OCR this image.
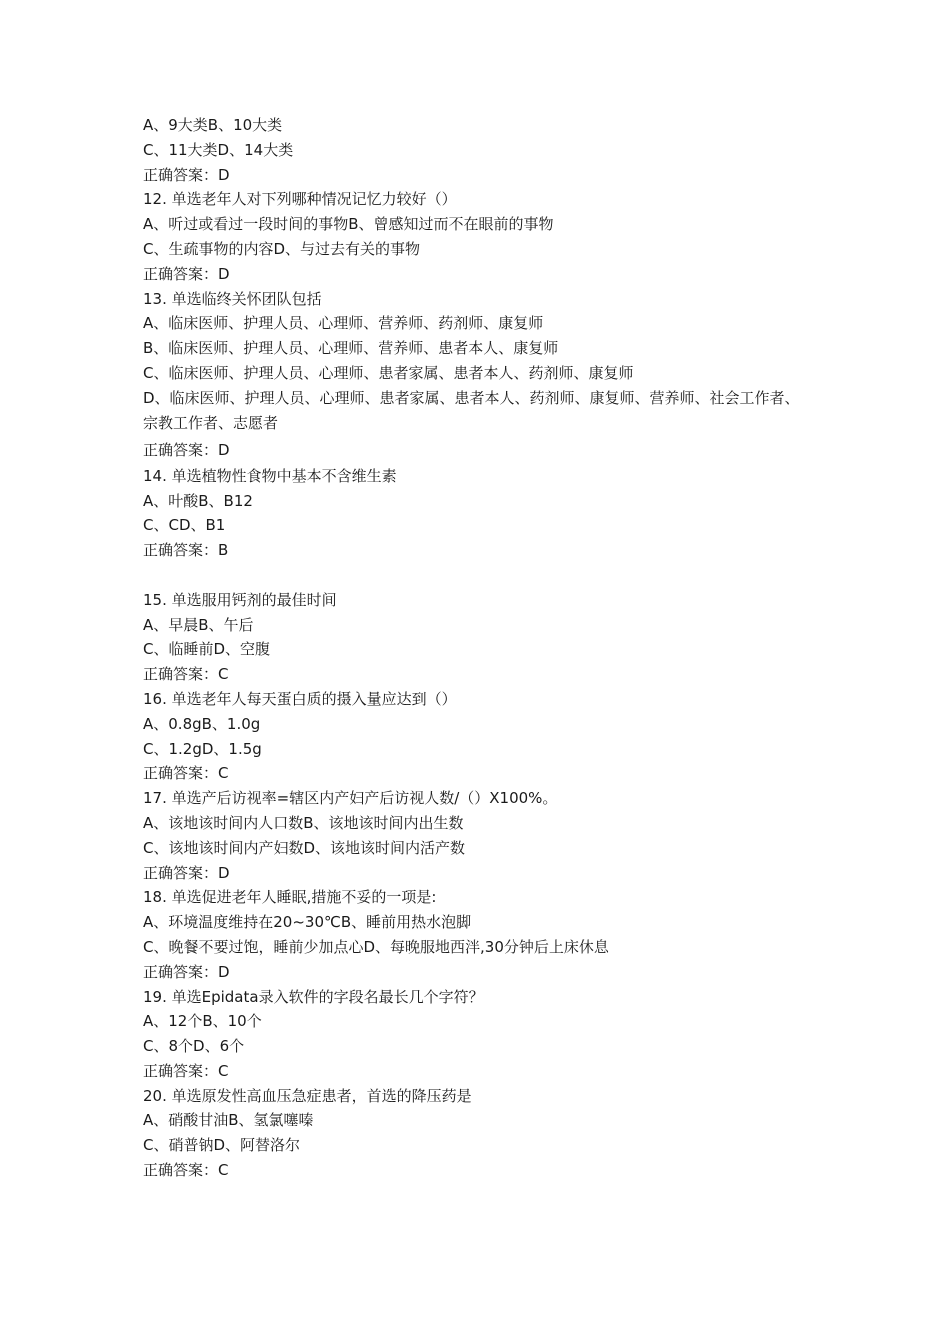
A、9大类B、10大类
C、11大类D、14大类
正确答案：D
12. 单选老年人对下列哪种情况记忆力较好（）
A、听过或看过一段时间的事物B、曾感知过而不在眼前的事物
C、生疏事物的内容D、与过去有关的事物
正确答案：D
13. 单选临终关怀团队包括
A、临床医师、护理人员、心理师、营养师、药剂师、康复师
B、临床医师、护理人员、心理师、营养师、患者本人、康复师
C、临床医师、护理人员、心理师、患者家属、患者本人、药剂师、康复师
D、临床医师、护理人员、心理师、患者家属、患者本人、药剂师、康复师、营养师、社会工作者、宗教工作者、志愿者
正确答案：D
14. 单选植物性食物中基本不含维生素
A、叶酸B、B12
C、CD、B1
正确答案：B
15. 单选服用钙剂的最佳时间
A、早晨B、午后
C、临睡前D、空腹
正确答案：C
16. 单选老年人每天蛋白质的摄入量应达到（）
A、0.8gB、1.0g
C、1.2gD、1.5g
正确答案：C
17. 单选产后访视率=辖区内产妇产后访视人数/（）X100%。
A、该地该时间内人口数B、该地该时间内出生数
C、该地该时间内产妇数D、该地该时间内活产数
正确答案：D
18. 单选促进老年人睡眠,措施不妥的一项是:
A、环境温度维持在20~30℃B、睡前用热水泡脚
C、晚餐不要过饱，睡前少加点心D、每晚服地西泮,30分钟后上床休息
正确答案：D
19. 单选Epidata录入软件的字段名最长几个字符？
A、12个B、10个
C、8个D、6个
正确答案：C
20. 单选原发性高血压急症患者，首选的降压药是
A、硝酸甘油B、氢氯噻嗪
C、硝普钠D、阿替洛尔
正确答案：C
